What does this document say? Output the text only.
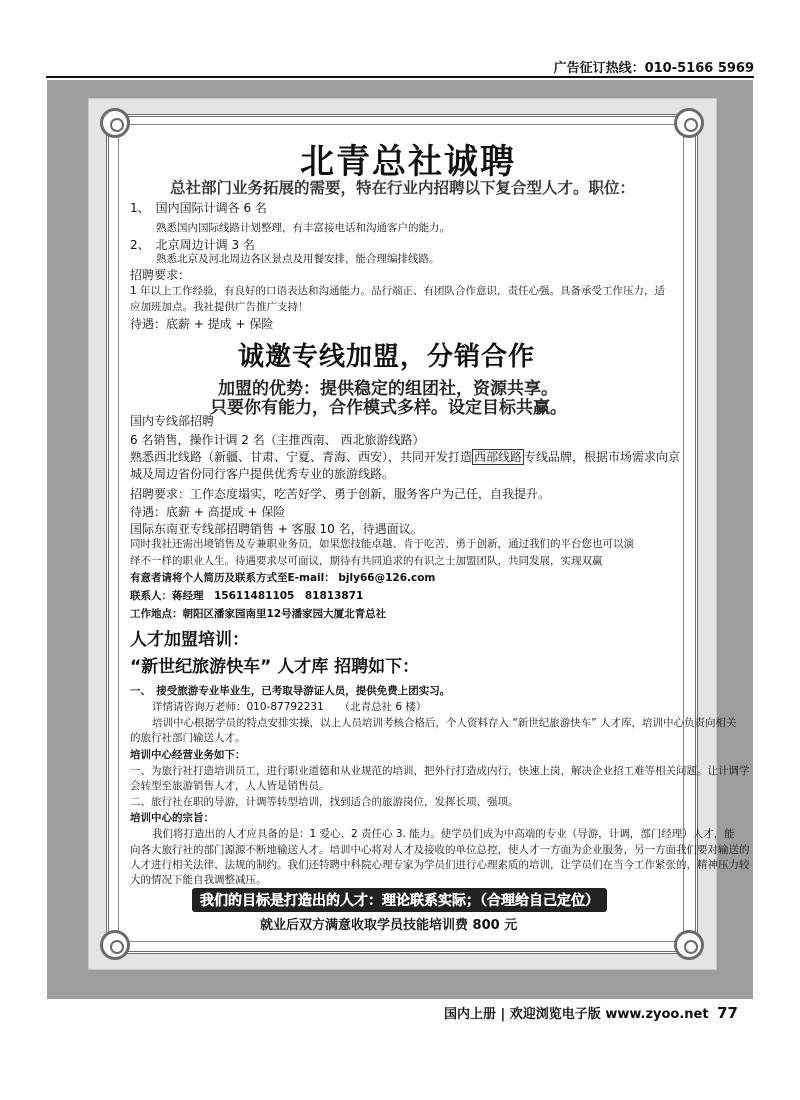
广告征订热线：010-5166 5969
北青总社诚聘
总社部门业务拓展的需要，特在行业内招聘以下复合型人才。职位：
1、　国内国际计调各 6 名
熟悉国内国际线路计划整理，有丰富接电话和沟通客户的能力。
2、　北京周边计调 3 名
熟悉北京及河北周边各区景点及用餐安排，能合理编排线路。
招聘要求：
1 年以上工作经验，有良好的口语表达和沟通能力。品行端正、有团队合作意识，责任心强。具备承受工作压力，适
应加班加点。我社提供广告推广支持！
待遇：底薪 + 提成 + 保险
诚邀专线加盟，分销合作
加盟的优势：提供稳定的组团社，资源共享。
只要你有能力，合作模式多样。设定目标共赢。
国内专线部招聘
6 名销售，操作计调 2 名（主推西南、 西北旅游线路）
熟悉西北线路（新疆、甘肃、宁夏、青海、西安），共同开发打造 西部线路 专线品牌，根据市场需求向京
城及周边省份同行客户提供优秀专业的旅游线路。
招聘要求：工作态度塌实，吃苦好学、勇于创新，服务客户为己任，自我提升。
待遇：底薪 + 高提成 + 保险
国际东南亚专线部招聘销售 + 客服 10 名，待遇面议。
同时我社还需出境销售及专兼职业务员，如果您技能卓越、肯于吃苦、勇于创新，通过我们的平台您也可以演
绎不一样的职业人生。待遇要求尽可面议，期待有共同追求的有识之士加盟团队，共同发展，实现双赢
有意者请将个人简历及联系方式至E-mail： bjly66@126.com
联系人：蒋经理　15611481105　81813871
工作地点：朝阳区潘家园南里12号潘家园大厦北青总社
人才加盟培训：
“新世纪旅游快车” 人才库 招聘如下：
一、　接受旅游专业毕业生，已考取导游证人员，提供免费上团实习。
详情请咨询万老师：010-87792231　　（北青总社 6 楼）
培训中心根据学员的特点安排实操，以上人员培训考核合格后，个人资料存入 “新世纪旅游快车” 人才库，培训中心负责向相关
的旅行社部门输送人才。
培训中心经营业务如下：
一、为旅行社打造培训员工，进行职业道德和从业规范的培训，把外行打造成内行，快速上岗，解决企业招工难等相关问题。让计调学
会转型至旅游销售人才，人人皆是销售员。
二、旅行社在职的导游，计调等转型培训，找到适合的旅游岗位，发挥长项、强项。
培训中心的宗旨：
我们将打造出的人才应具备的是：1 爱心、2 责任心 3. 能力。使学员们成为中高端的专业（导游，计调，部门经理）人才，能
向各大旅行社的部门源源不断地输送人才。培训中心将对人才及接收的单位总控，使人才一方面为企业服务，另一方面我们要对输送的
人才进行相关法律、法规的制约。我们还特聘中科院心理专家为学员们进行心理素质的培训，让学员们在当今工作紧张的，精神压力较
大的情况下能自我调整减压。
我们的目标是打造出的人才：理论联系实际；（合理给自己定位）
就业后双方满意收取学员技能培训费 800 元
国内上册 | 欢迎浏览电子版 www.zyoo.net 77
